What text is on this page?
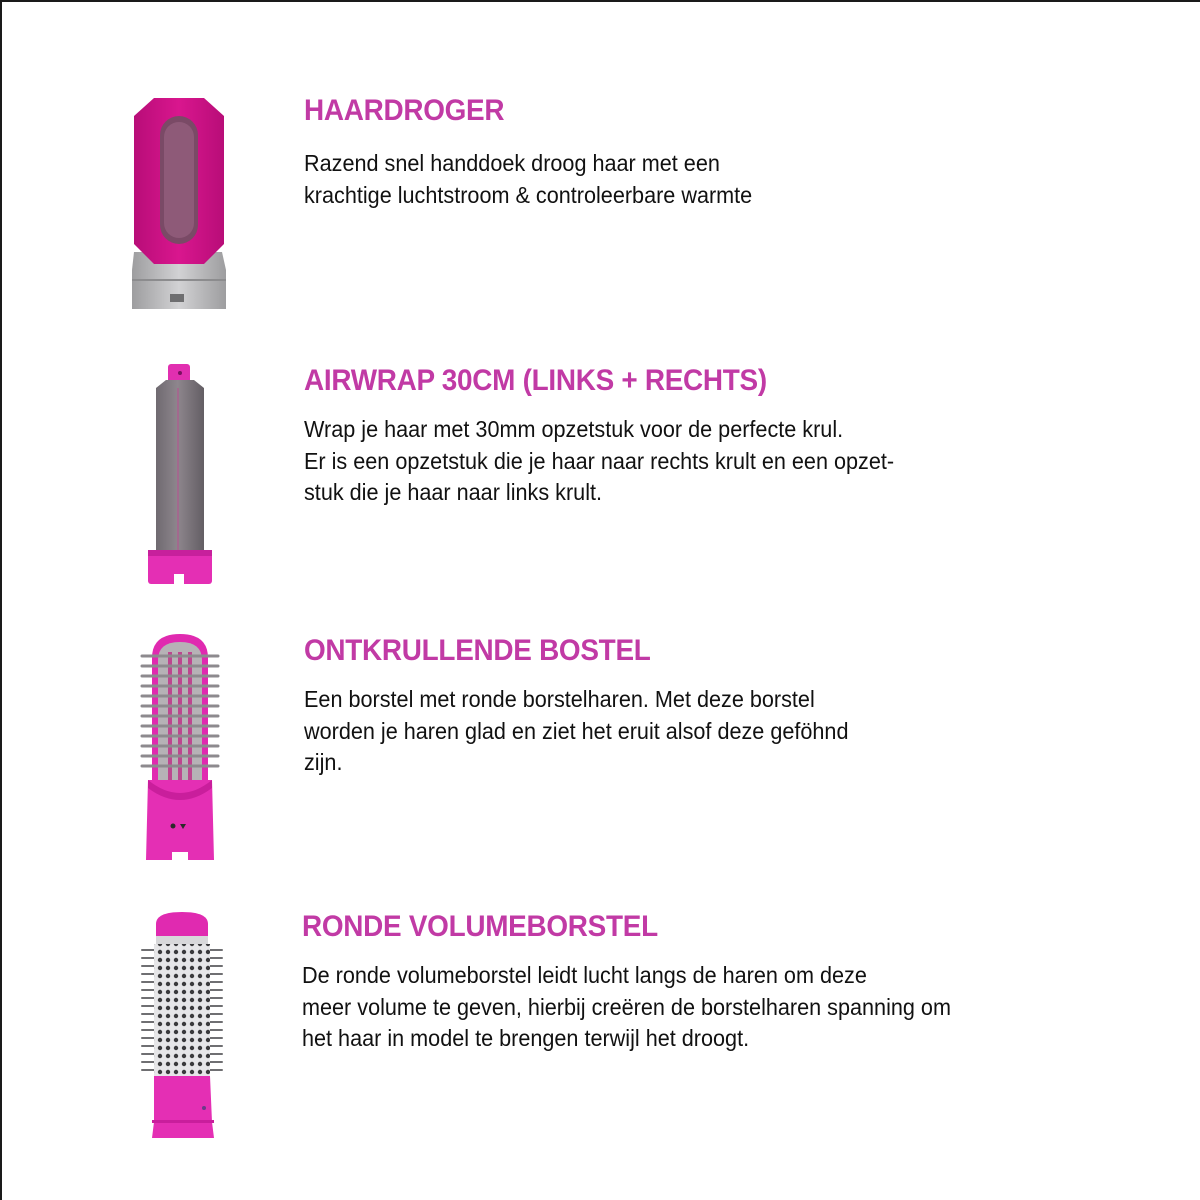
HAARDROGER

Razend snel handdoek droog haar met een
krachtige luchtstroom & controleerbare warmte

AIRWRAP 30CM (LINKS + RECHTS)

Wrap je haar met 30mm opzetstuk voor de perfecte krul.
Er is een opzetstuk die je haar naar rechts krult en een opzet-
stuk die je haar naar links krult.

ONTKRULLENDE BOSTEL

Een borstel met ronde borstelharen. Met deze borstel
worden je haren glad en ziet het eruit alsof deze geföhnd
zijn.

RONDE VOLUMEBORSTEL

De ronde volumeborstel leidt lucht langs de haren om deze
meer volume te geven, hierbij creëren de borstelharen spanning om
het haar in model te brengen terwijl het droogt.
